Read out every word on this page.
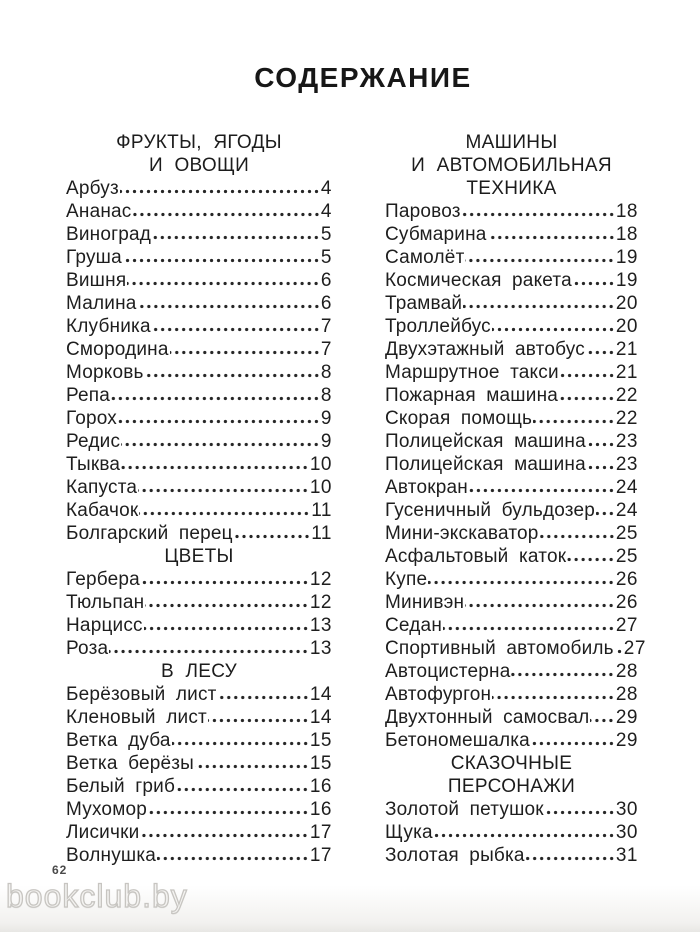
СОДЕРЖАНИЕ
ФРУКТЫ, ЯГОДЫ
И ОВОЩИ
Арбуз	4
Ананас	4
Виноград	5
Груша	5
Вишня	6
Малина	6
Клубника	7
Смородина	7
Морковь	8
Репа	8
Горох	9
Редис	9
Тыква	10
Капуста	10
Кабачок	11
Болгарский перец	11
ЦВЕТЫ
Гербера	12
Тюльпан	12
Нарцисс	13
Роза	13
В ЛЕСУ
Берёзовый лист	14
Кленовый лист	14
Ветка дуба	15
Ветка берёзы	15
Белый гриб	16
Мухомор	16
Лисички	17
Волнушка	17
МАШИНЫ
И АВТОМОБИЛЬНАЯ
ТЕХНИКА
Паровоз	18
Субмарина	18
Самолёт	19
Космическая ракета 19
Трамвай	20
Троллейбус	20
Двухэтажный автобус 21
Маршрутное такси	21
Пожарная машина	22
Скорая помощь	22
Полицейская машина 23
Полицейская машина 23
Автокран	24
Гусеничный бульдозер 24
Мини-экскаватор	25
Асфальтовый каток	25
Купе	26
Минивэн	26
Седан	27
Спортивный автомобиль 27
Автоцистерна	28
Автофургон	28
Двухтонный самосвал 29
Бетономешалка	29
СКАЗОЧНЫЕ
ПЕРСОНАЖИ
Золотой петушок	30
Щука	30
Золотая рыбка	31
62
bookclub.by
